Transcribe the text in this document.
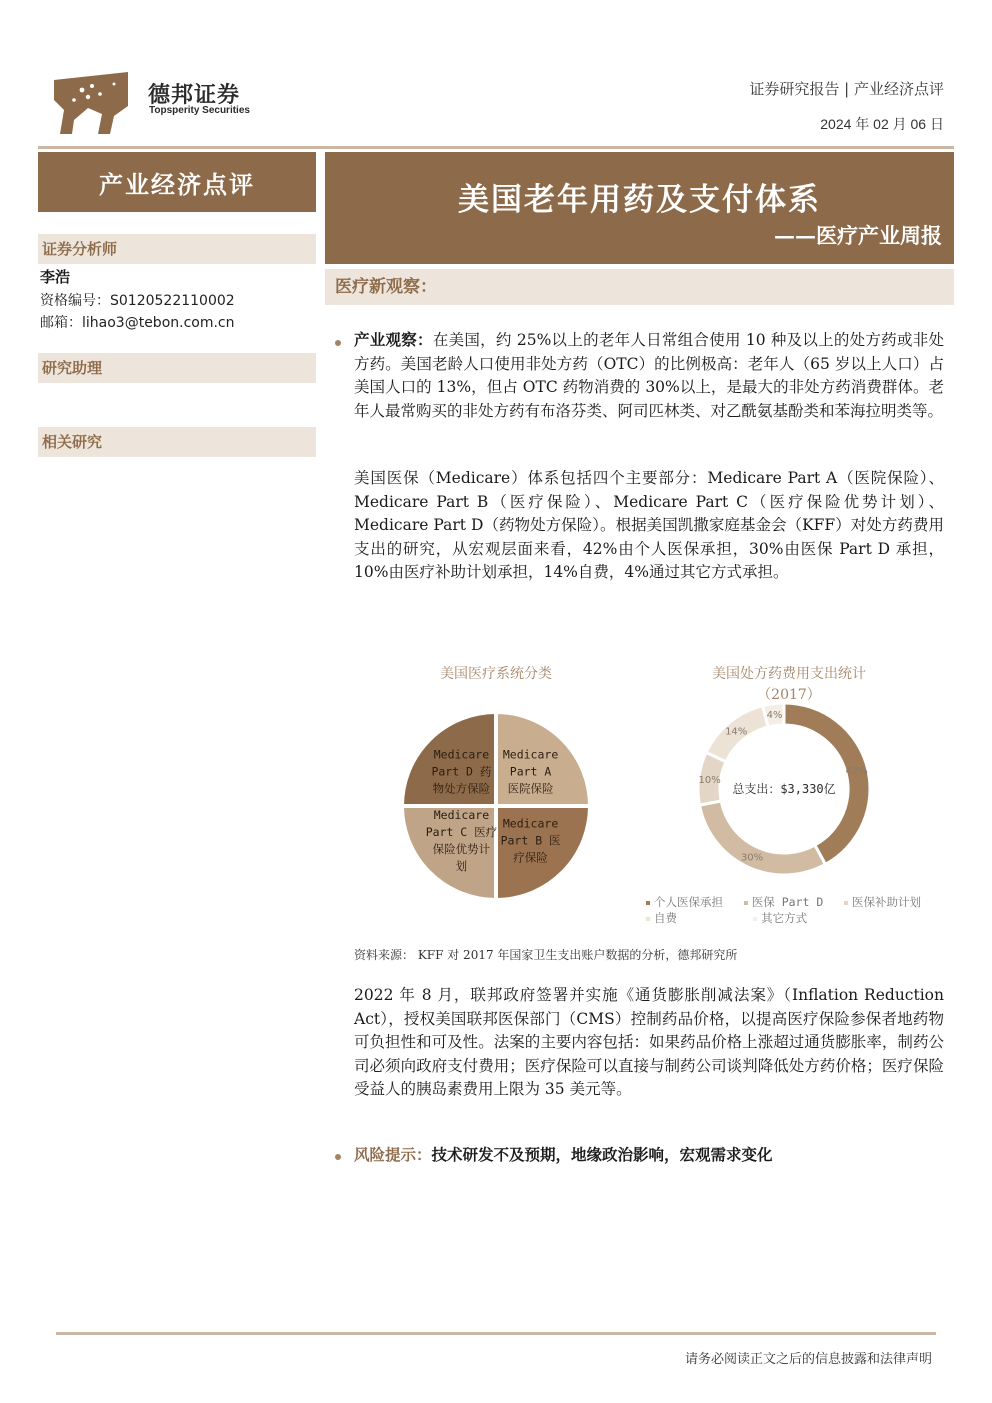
德邦证券
Topsperity Securities
证券研究报告 | 产业经济点评
2024 年 02 月 06 日
产业经济点评	美国老年用药及支付体系
——医疗产业周报
证券分析师
李浩
资格编号：S0120522110002
邮箱：lihao3@tebon.com.cn
研究助理
相关研究
医疗新观察：
产业观察：在美国，约 25%以上的老年人日常组合使用 10 种及以上的处方药或非处方药。美国老龄人口使用非处方药（OTC）的比例极高：老年人（65 岁以上人口）占美国人口的 13%，但占 OTC 药物消费的 30%以上，是最大的非处方药消费群体。老年人最常购买的非处方药有布洛芬类、阿司匹林类、对乙酰氨基酚类和苯海拉明类等。
美国医保（Medicare）体系包括四个主要部分：Medicare Part A（医院保险）、Medicare Part B（医疗保险）、Medicare Part C（医疗保险优势计划）、Medicare Part D（药物处方保险）。根据美国凯撒家庭基金会（KFF）对处方药费用支出的研究，从宏观层面来看，42%由个人医保承担，30%由医保 Part D 承担，10%由医疗补助计划承担，14%自费，4%通过其它方式承担。
美国医疗系统分类
Medicare Part A 医院保险
Medicare Part B 医疗保险
Medicare Part C 医疗保险优势计划
Medicare Part D 药物处方保险
美国处方药费用支出统计
（2017）
42%
30%
10%
14%
4%
总支出：$3,330亿
个人医保承担	医保 Part D	医保补助计划
自费	其它方式
资料来源： KFF 对 2017 年国家卫生支出账户数据的分析，德邦研究所
2022 年 8 月，联邦政府签署并实施《通货膨胀削减法案》（Inflation Reduction Act），授权美国联邦医保部门（CMS）控制药品价格，以提高医疗保险参保者地药物可负担性和可及性。法案的主要内容包括：如果药品价格上涨超过通货膨胀率，制药公司必须向政府支付费用；医疗保险可以直接与制药公司谈判降低处方药价格；医疗保险受益人的胰岛素费用上限为 35 美元等。
风险提示：技术研发不及预期，地缘政治影响，宏观需求变化
请务必阅读正文之后的信息披露和法律声明
